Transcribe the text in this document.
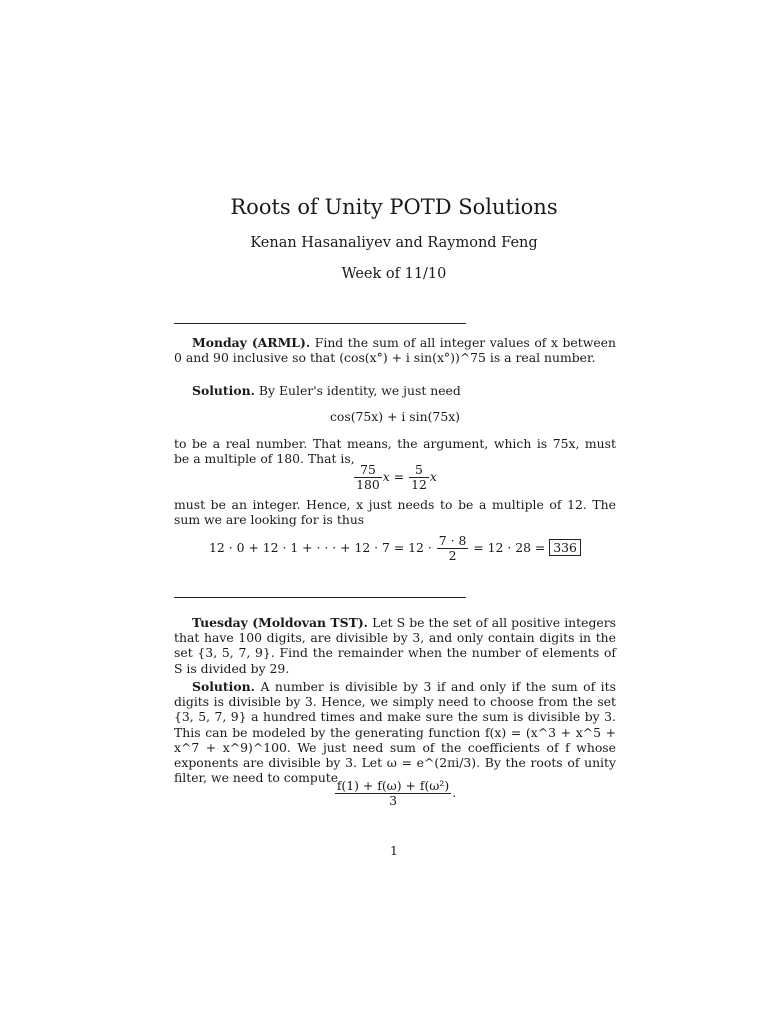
Roots of Unity POTD Solutions
Kenan Hasanaliyev and Raymond Feng
Week of 11/10
Monday (ARML). Find the sum of all integer values of x between 0 and 90 inclusive so that (cos(x°) + i sin(x°))^75 is a real number.
Solution. By Euler's identity, we just need
cos(75x) + i sin(75x)
to be a real number. That means, the argument, which is 75x, must be a multiple of 180. That is,
$\frac{75}{180}$ $x = \frac{5}{12}$ x
must be an integer. Hence, x just needs to be a multiple of 12. The sum we are looking for is thus
12 · 0 + 12 · 1 + · · · + $12 \cdot 7 = 12 \cdot \frac{7 \cdot 8}{2} = 12 \cdot 28 = 336$
Tuesday (Moldovan TST). Let S be the set of all positive integers that have 100 digits, are divisible by 3, and only contain digits in the set {3, 5, 7, 9}. Find the remainder when the number of elements of S is divided by 29.
Solution. A number is divisible by 3 if and only if the sum of its digits is divisible by 3. Hence, we simply need to choose from the set {3, 5, 7, 9} a hundred times and make sure the sum is divisible by 3. This can be modeled by the generating function f(x) = (x^3 + x^5 + x^7 + x^9)^100. We just need sum of the coefficients of f whose exponents are divisible by 3. Let ω = e^(2πi/3). By the roots of unity filter, we need to compute
$\frac{\text{f(1) + f(ω) + f(ω²)}}{3}$ .
1
